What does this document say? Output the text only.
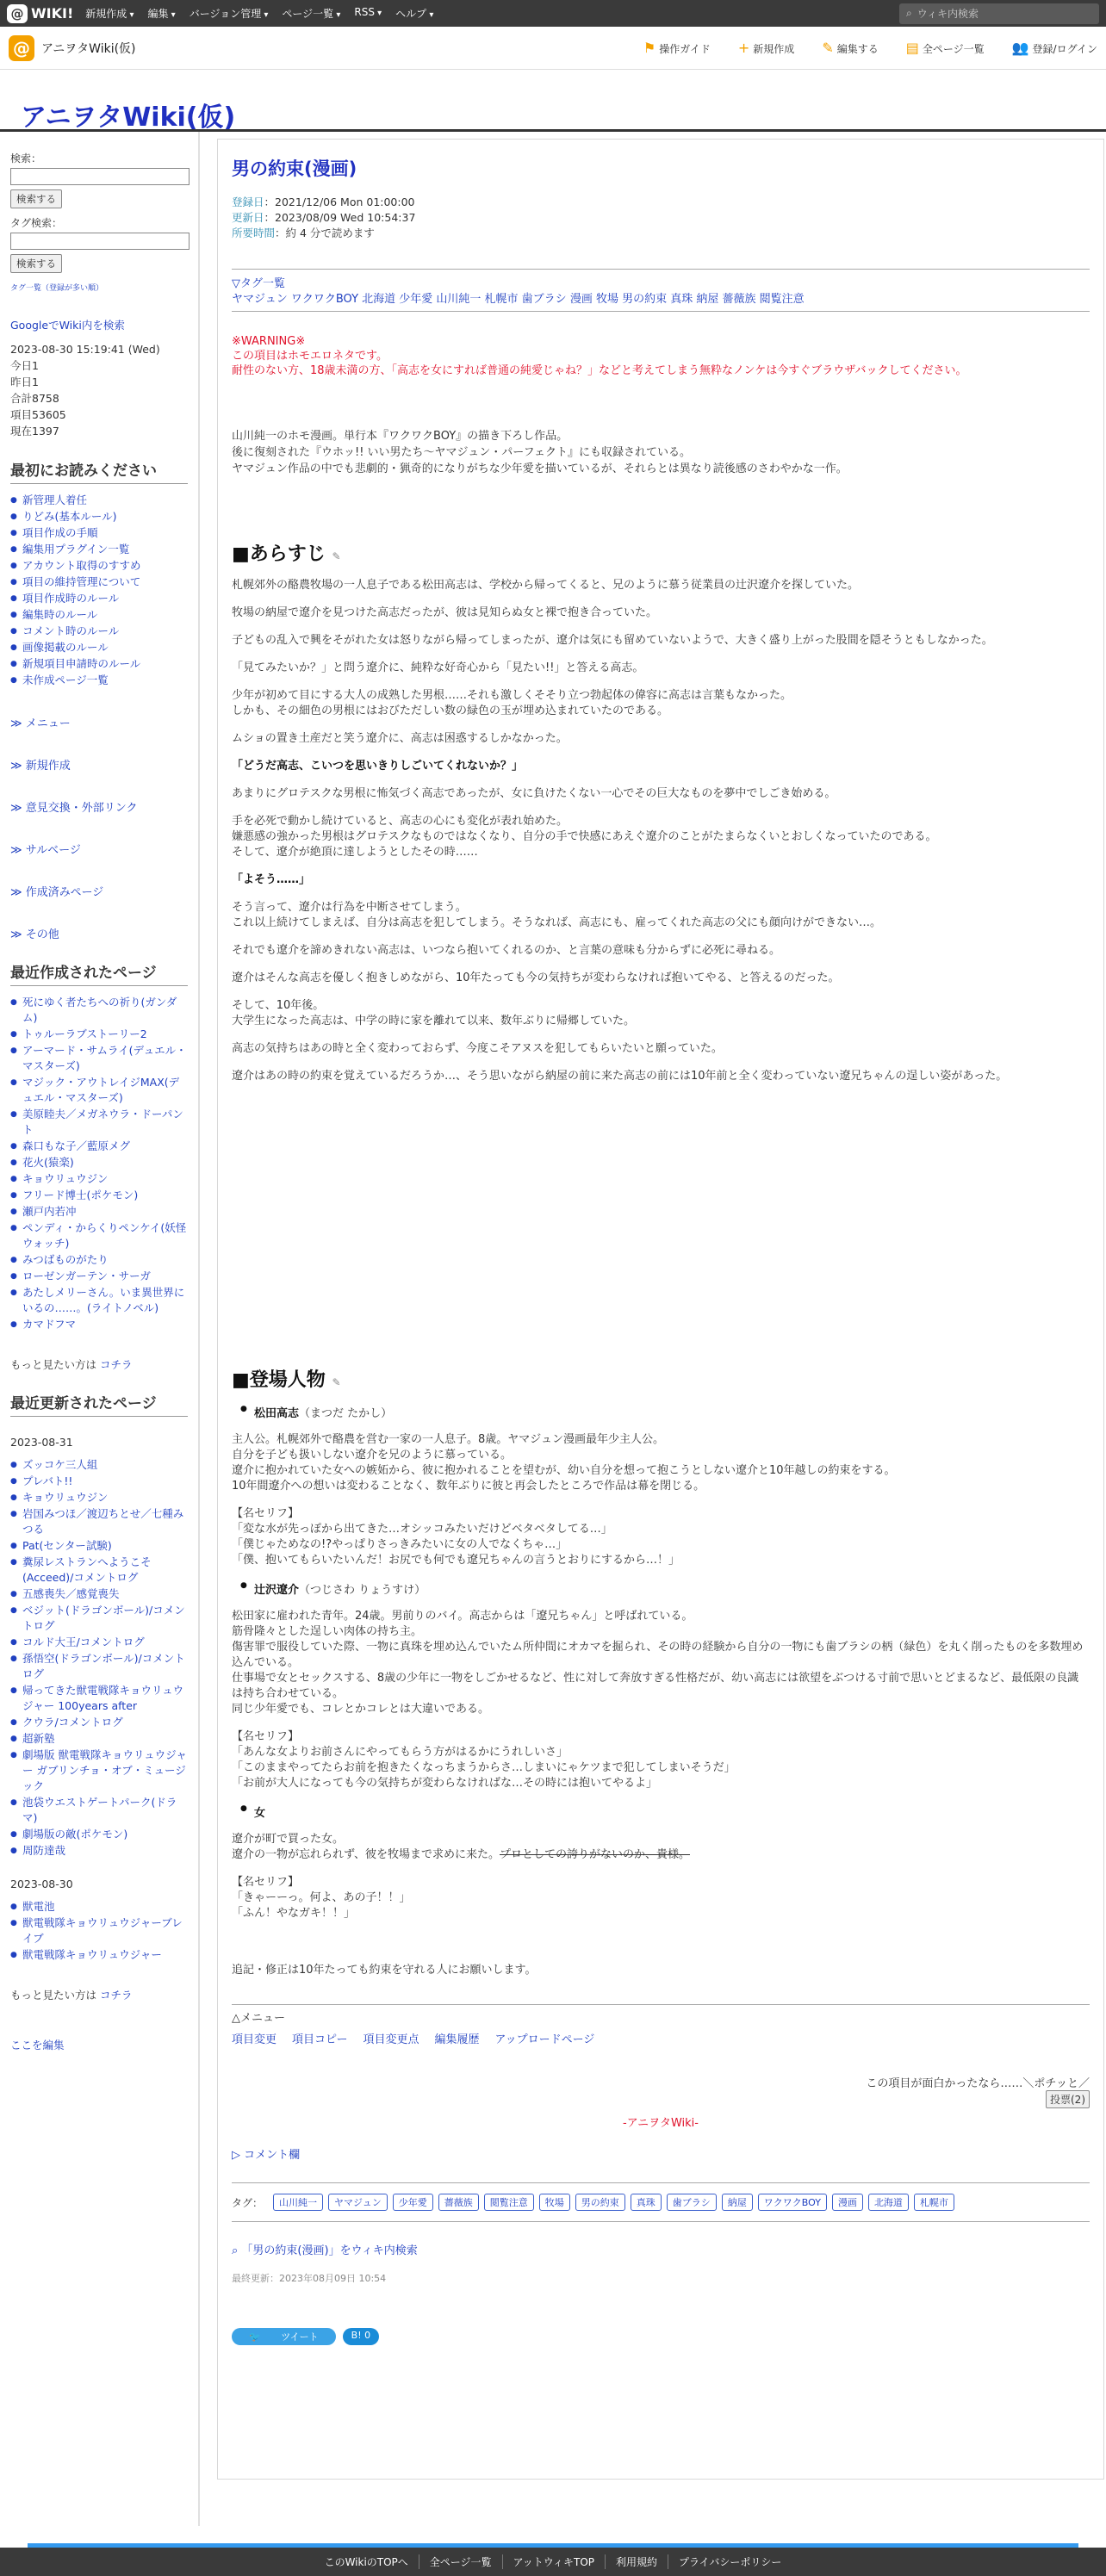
@ WIKI! 新規作成 ▾	編集 ▾	バージョン管理 ▾	ページ一覧 ▾	RSS ▾	ヘルプ ▾	⌕ ウィキ内検索
@ アニヲタWiki(仮)	⚑ 操作ガイド + 新規作成 ✎ 編集する ▤ 全ページ一覧 👥 登録/ログイン
アニヲタWiki(仮)
検索：
検索する
タグ検索：
検索する
タグ一覧（登録が多い順）
GoogleでWiki内を検索
2023-08-30 15:19:41 (Wed)
今日1
昨日1
合計8758
項目53605
現在1397
最初にお読みください
● 新管理人着任
● りどみ(基本ルール)
● 項目作成の手順
● 編集用プラグイン一覧
● アカウント取得のすすめ
● 項目の維持管理について
● 項目作成時のルール
● 編集時のルール
● コメント時のルール
● 画像掲載のルール
● 新規項目申請時のルール
● 未作成ページ一覧
≫ メニュー
≫ 新規作成
≫ 意見交換・外部リンク
≫ サルベージ
≫ 作成済みページ
≫ その他
最近作成されたページ
● 死にゆく者たちへの祈り(ガンダム)
● トゥルーラブストーリー2
● アーマード・サムライ(デュエル・マスターズ)
● マジック・アウトレイジMAX(デュエル・マスターズ)
● 美原睦夫／メガネウラ・ドーパント
● 森口もな子／藍原メグ
● 花火(猿楽)
● キョウリュウジン
● フリード博士(ポケモン)
● 瀬戸内若冲
● ペンディ・からくりペンケイ(妖怪ウォッチ)
● みつばものがたり
● ローゼンガーテン・サーガ
● あたしメリーさん。いま異世界にいるの……。(ライトノベル)
● カマドフマ
もっと見たい方は コチラ
最近更新されたページ
2023-08-31
● ズッコケ三人組
● プレバト!!
● キョウリュウジン
● 岩国みつほ／渡辺ちとせ／七種みつる
● Pat(センター試験)
● 糞尿レストランへようこそ(Acceed)/コメントログ
● 五感喪失／感覚喪失
● ベジット(ドラゴンボール)/コメントログ
● コルド大王/コメントログ
● 孫悟空(ドラゴンボール)/コメントログ
● 帰ってきた獣電戦隊キョウリュウジャー 100years after
● クウラ/コメントログ
● 超新塾
● 劇場版 獣電戦隊キョウリュウジャー ガブリンチョ・オブ・ミュージック
● 池袋ウエストゲートパーク(ドラマ)
● 劇場版の敵(ポケモン)
● 周防達哉
2023-08-30
● 獣電池
● 獣電戦隊キョウリュウジャーブレイブ
● 獣電戦隊キョウリュウジャー
もっと見たい方は コチラ
ここを編集
男の約束(漫画)
登録日：2021/12/06 Mon 01:00:00
更新日：2023/08/09 Wed 10:54:37
所要時間：約 4 分で読めます
▽タグ一覧
ヤマジュン ワクワクBOY 北海道 少年愛 山川純一 札幌市 歯ブラシ 漫画 牧場 男の約束 真珠 納屋 薔薇族 閲覧注意
※WARNING※
この項目はホモエロネタです。
耐性のない方、18歳未満の方、「高志を女にすれば普通の純愛じゃね？」などと考えてしまう無粋なノンケは今すぐブラウザバックしてください。
山川純一のホモ漫画。単行本『ワクワクBOY』の描き下ろし作品。
後に復刻された『ウホッ!! いい男たち～ヤマジュン・パーフェクト』にも収録されている。
ヤマジュン作品の中でも悲劇的・猟奇的になりがちな少年愛を描いているが、それらとは異なり読後感のさわやかな一作。
■あらすじ ✎
札幌郊外の酪農牧場の一人息子である松田高志は、学校から帰ってくると、兄のように慕う従業員の辻沢遼介を探していた。
牧場の納屋で遼介を見つけた高志だったが、彼は見知らぬ女と裸で抱き合っていた。
子どもの乱入で興をそがれた女は怒りながら帰ってしまったが、遼介は気にも留めていないようで、大きく盛り上がった股間を隠そうともしなかった。
「見てみたいか？」と問う遼介に、純粋な好奇心から「見たい!!」と答える高志。
少年が初めて目にする大人の成熟した男根……それも激しくそそり立つ勃起体の偉容に高志は言葉もなかった。
しかも、その細色の男根にはおびただしい数の緑色の玉が埋め込まれていたのである。
ムショの置き土産だと笑う遼介に、高志は困惑するしかなかった。
「どうだ高志、こいつを思いきりしごいてくれないか？」
あまりにグロテスクな男根に怖気づく高志であったが、女に負けたくない一心でその巨大なものを夢中でしごき始める。
手を必死で動かし続けていると、高志の心にも変化が表れ始めた。
嫌悪感の強かった男根はグロテスクなものではなくなり、自分の手で快感にあえぐ遼介のことがたまらなくいとおしくなっていたのである。
そして、遼介が絶頂に達しようとしたその時……
「よそう……」
そう言って、遼介は行為を中断させてしまう。
これ以上続けてしまえば、自分は高志を犯してしまう。そうなれば、高志にも、雇ってくれた高志の父にも顔向けができない…。
それでも遼介を諦めきれない高志は、いつなら抱いてくれるのか、と言葉の意味も分からずに必死に尋ねる。
遼介はそんな高志を優しく抱きしめながら、10年たっても今の気持ちが変わらなければ抱いてやる、と答えるのだった。
そして、10年後。
大学生になった高志は、中学の時に家を離れて以来、数年ぶりに帰郷していた。
高志の気持ちはあの時と全く変わっておらず、今度こそアヌスを犯してもらいたいと願っていた。
遼介はあの時の約束を覚えているだろうか…、そう思いながら納屋の前に来た高志の前には10年前と全く変わっていない遼兄ちゃんの逞しい姿があった。
■登場人物 ✎
● 松田高志（まつだ たかし）
主人公。札幌郊外で酪農を営む一家の一人息子。8歳。ヤマジュン漫画最年少主人公。
自分を子ども扱いしない遼介を兄のように慕っている。
遼介に抱かれていた女への嫉妬から、彼に抱かれることを望むが、幼い自分を想って抱こうとしない遼介と10年越しの約束をする。
10年間遼介への想いは変わることなく、数年ぶりに彼と再会したところで作品は幕を閉じる。
【名セリフ】
「変な水が先っぽから出てきた…オシッコみたいだけどベタベタしてる…」
「僕じゃためなの!?やっぱりさっきみたいに女の人でなくちゃ…」
「僕、抱いてもらいたいんだ！お尻でも何でも遼兄ちゃんの言うとおりにするから…！」
● 辻沢遼介（つじさわ りょうすけ）
松田家に雇われた青年。24歳。男前りのバイ。高志からは「遼兄ちゃん」と呼ばれている。
筋骨隆々とした逞しい肉体の持ち主。
傷害罪で服役していた際、一物に真珠を埋め込んでいたム所仲間にオカマを掘られ、その時の経験から自分の一物にも歯ブラシの柄（緑色）を丸く削ったものを多数埋め込んでいる。
仕事場で女とセックスする、8歳の少年に一物をしごかせるなど、性に対して奔放すぎる性格だが、幼い高志には欲望をぶつける寸前で思いとどまるなど、最低限の良識は持ち合わせている。
同じ少年愛でも、コレとかコレとは大違いである。
【名セリフ】
「あんな女よりお前さんにやってもらう方がはるかにうれしいさ」
「このままやってたらお前を抱きたくなっちまうからさ…しまいにゃケツまで犯してしまいそうだ」
「お前が大人になっても今の気持ちが変わらなければな…その時には抱いてやるよ」
● 女
遼介が町で買った女。
遼介の一物が忘れられず、彼を牧場まで求めに来た。プロとしての誇りがないのか、貴様。
【名セリフ】
「きゃーーっ。何よ、あの子！！」
「ふん！やなガキ！！」
追記・修正は10年たっても約束を守れる人にお願いします。
△メニュー
項目変更 項目コピー 項目変更点 編集履歴 アップロードページ
この項目が面白かったなら……＼ポチッと／
投票(2)
-アニヲタWiki-
▷ コメント欄
タグ：	山川純一	ヤマジュン	少年愛	薔薇族	閲覧注意	牧場	男の約束	真珠	歯ブラシ	納屋	ワクワクBOY	漫画	北海道	札幌市
⌕ 「男の約束(漫画)」をウィキ内検索
最終更新：2023年08月09日 10:54
🐦 ツイート	B! 0
このWikiのTOPへ	全ページ一覧	アットウィキTOP	利用規約	プライバシーポリシー
